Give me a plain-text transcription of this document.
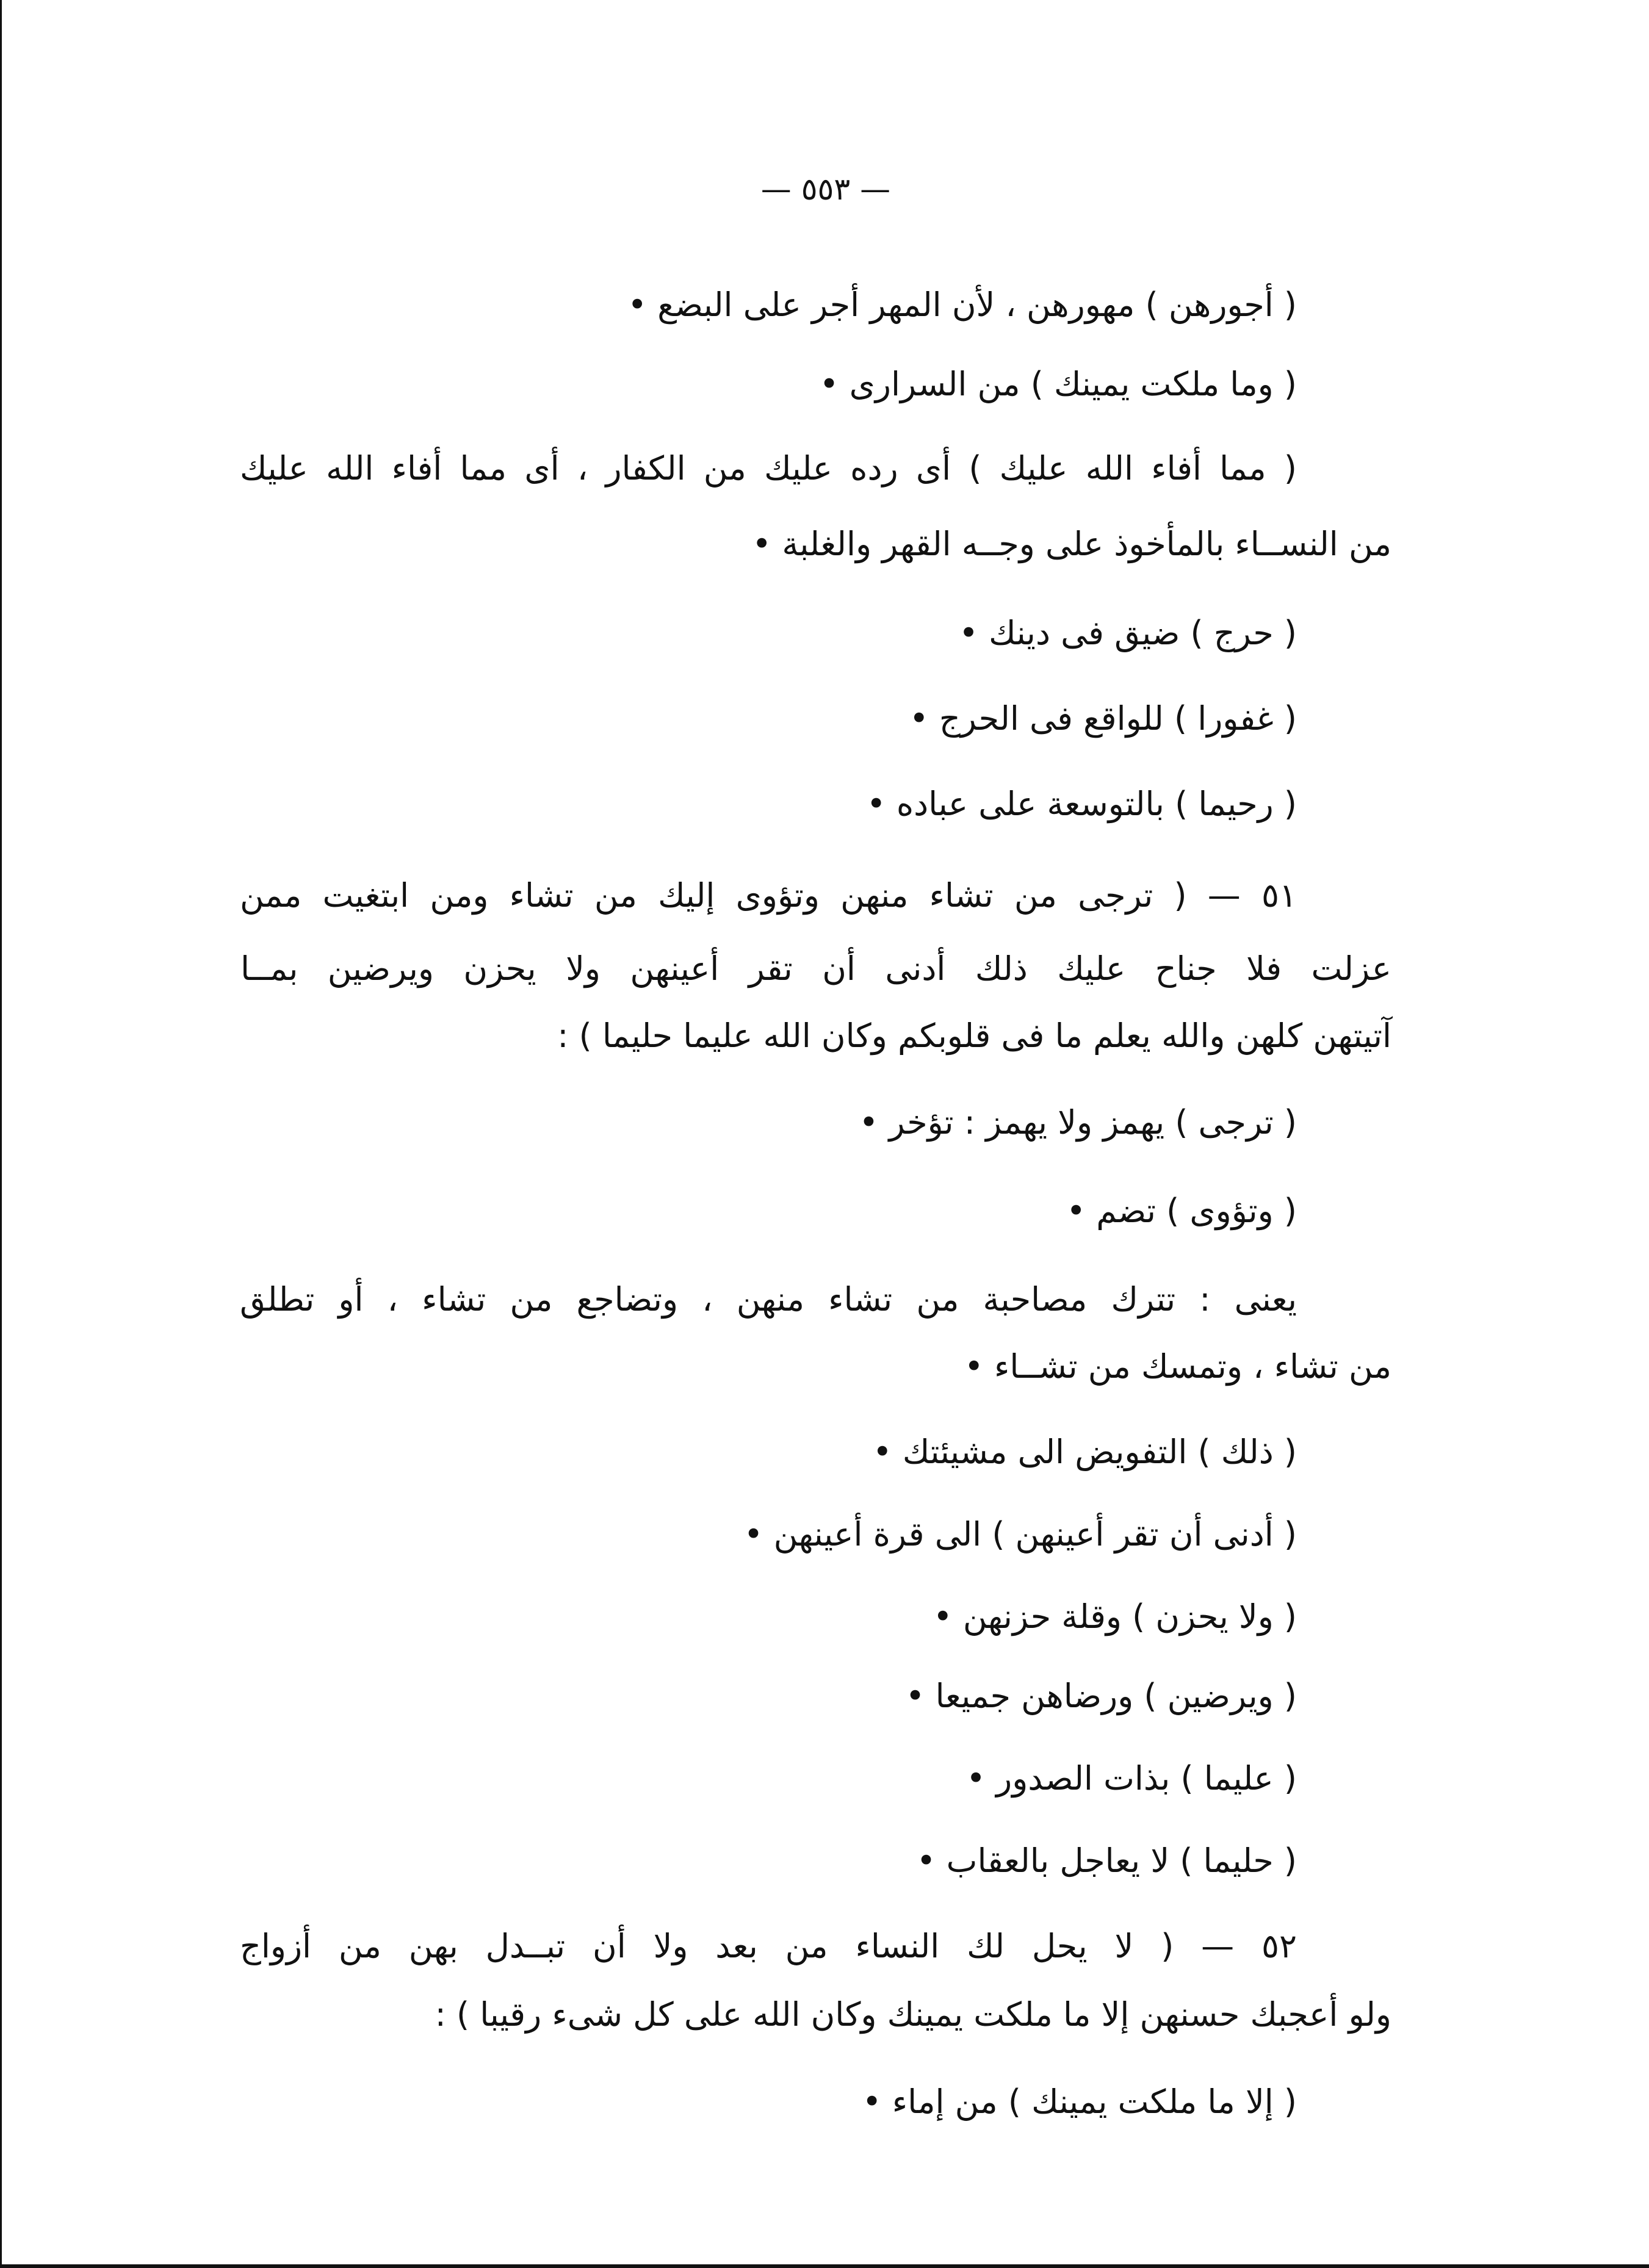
— ٥٥٣ —

( أجورهن ) مهورهن ، لأن المهر أجر على البضع •

( وما ملكت يمينك ) من السرارى •

( مما أفاء الله عليك ) أى رده عليك من الكفار ، أى مما أفاء الله عليك

من النســاء بالمأخوذ على وجــه القهر والغلبة •

( حرج ) ضيق فى دينك •

( غفورا ) للواقع فى الحرج •

( رحيما ) بالتوسعة على عباده •

٥١ — ( ترجى من تشاء منهن وتؤوى إليك من تشاء ومن ابتغيت ممن

عزلت فلا جناح عليك ذلك أدنى أن تقر أعينهن ولا يحزن ويرضين بمــا

آتيتهن كلهن والله يعلم ما فى قلوبكم وكان الله عليما حليما ) :

( ترجى ) يهمز ولا يهمز : تؤخر •

( وتؤوى ) تضم •

يعنى : تترك مصاحبة من تشاء منهن ، وتضاجع من تشاء ، أو تطلق

من تشاء ، وتمسك من تشــاء •

( ذلك ) التفويض الى مشيئتك •

( أدنى أن تقر أعينهن ) الى قرة أعينهن •

( ولا يحزن ) وقلة حزنهن •

( ويرضين ) ورضاهن جميعا •

( عليما ) بذات الصدور •

( حليما ) لا يعاجل بالعقاب •

٥٢ — ( لا يحل لك النساء من بعد ولا أن تبــدل بهن من أزواج

ولو أعجبك حسنهن إلا ما ملكت يمينك وكان الله على كل شىء رقيبا ) :

( إلا ما ملكت يمينك ) من إماء •
